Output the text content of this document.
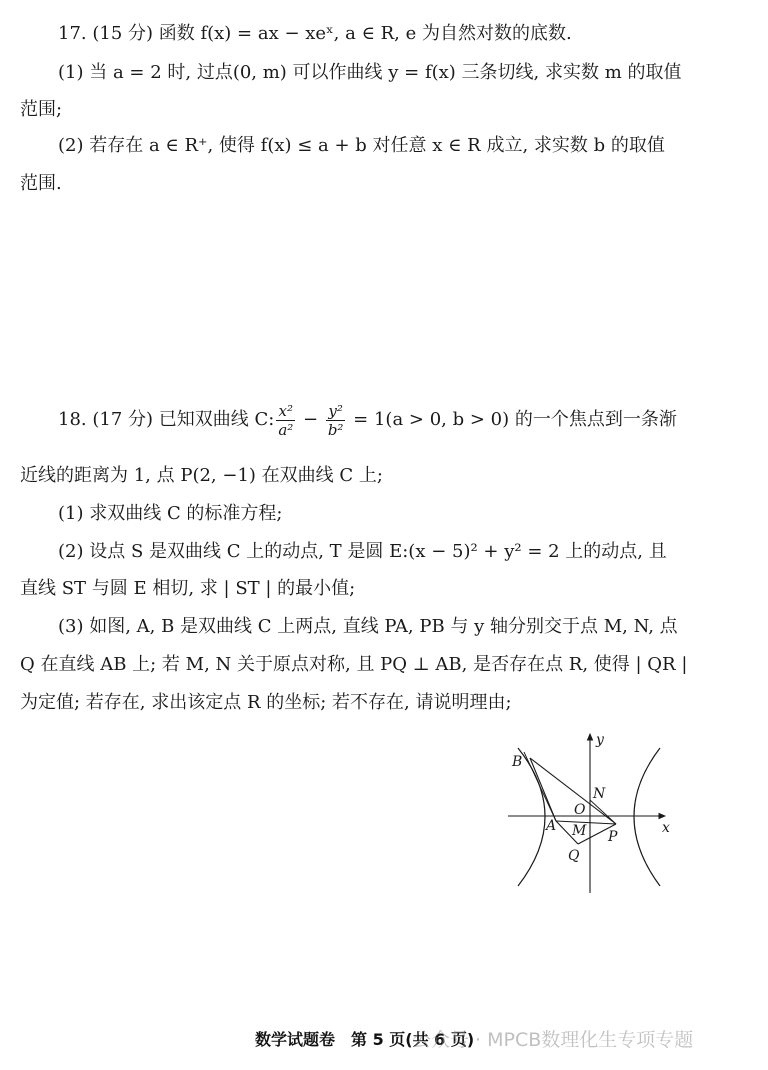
17. (15 分) 函数 f(x) = ax − xeˣ, a ∈ R, e 为自然对数的底数.
(1) 当 a = 2 时, 过点(0, m) 可以作曲线 y = f(x) 三条切线, 求实数 m 的取值
范围;
(2) 若存在 a ∈ R⁺, 使得 f(x) ≤ a + b 对任意 x ∈ R 成立, 求实数 b 的取值
范围.
18. (17 分) 已知双曲线 C: $\frac{\text{x²}}{\text{a²}} - \frac{\text{y²}}{\text{b²}} = 1(a > 0$, b > 0) 的一个焦点到一条渐
近线的距离为 1, 点 P(2, −1) 在双曲线 C 上;
(1) 求双曲线 C 的标准方程;
(2) 设点 S 是双曲线 C 上的动点, T 是圆 E:(x − 5)² + y² = 2 上的动点, 且
直线 ST 与圆 E 相切, 求 | ST | 的最小值;
(3) 如图, A, B 是双曲线 C 上两点, 直线 PA, PB 与 y 轴分别交于点 M, N, 点
Q 在直线 AB 上; 若 M, N 关于原点对称, 且 PQ ⊥ AB, 是否存在点 R, 使得 | QR |
为定值; 若存在, 求出该定点 R 的坐标; 若不存在, 请说明理由;
y
x
B
N
O
A M P
Q
数学试题卷　第 5 页(共 6 页)
公众号 · MPCB数理化生专项专题
